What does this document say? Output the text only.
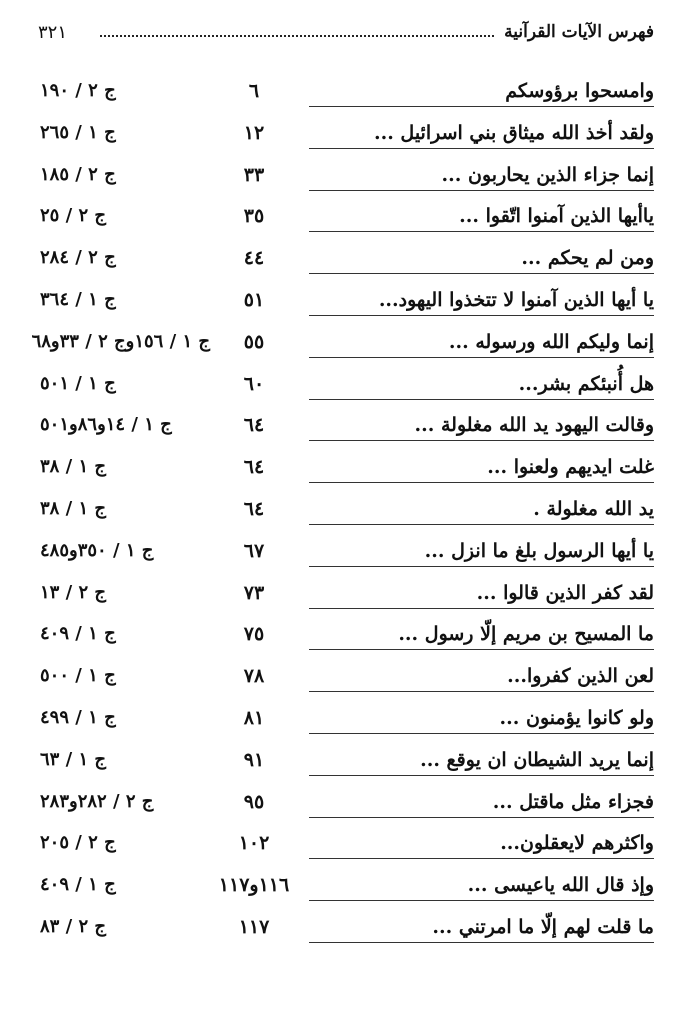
فهرس الآيات القرآنية
٣٢١
وامسحوا برؤوسكم
٦
ج ٢ / ١٩٠
ولقد أخذ الله ميثاق بني اسرائيل ...
١٢
ج ١ / ٢٦٥
إنما جزاء الذين يحاربون ...
٣٣
ج ٢ / ١٨٥
ياأيها الذين آمنوا اتّقوا ...
٣٥
ج ٢ / ٢٥
ومن لم يحكم ...
٤٤
ج ٢ / ٢٨٤
يا أيها الذين آمنوا لا تتخذوا اليهود...
٥١
ج ١ / ٣٦٤
إنما وليكم الله ورسوله ...
٥٥
ج ١ / ١٥٦وج ٢ / ٣٣و٦٨
هل أُنبئكم بشر...
٦٠
ج ١ / ٥٠١
وقالت اليهود يد الله مغلولة ...
٦٤
ج ١ / ١٤و٨٦و٥٠١
غلت ايديهم ولعنوا ...
٦٤
ج ١ / ٣٨
يد الله مغلولة .
٦٤
ج ١ / ٣٨
يا أيها الرسول بلغ ما انزل ...
٦٧
ج ١ / ٣٥٠و٤٨٥
لقد كفر الذين قالوا ...
٧٣
ج ٢ / ١٣
ما المسيح بن مريم إلّا رسول ...
٧٥
ج ١ / ٤٠٩
لعن الذين كفروا...
٧٨
ج ١ / ٥٠٠
ولو كانوا يؤمنون ...
٨١
ج ١ / ٤٩٩
إنما يريد الشيطان ان يوقع ...
٩١
ج ١ / ٦٣
فجزاء مثل ماقتل ...
٩٥
ج ٢ / ٢٨٢و٢٨٣
واكثرهم لايعقلون...
١٠٢
ج ٢ / ٢٠٥
وإذ قال الله ياعيسى ...
١١٦و١١٧
ج ١ / ٤٠٩
ما قلت لهم إلّا ما امرتني ...
١١٧
ج ٢ / ٨٣
